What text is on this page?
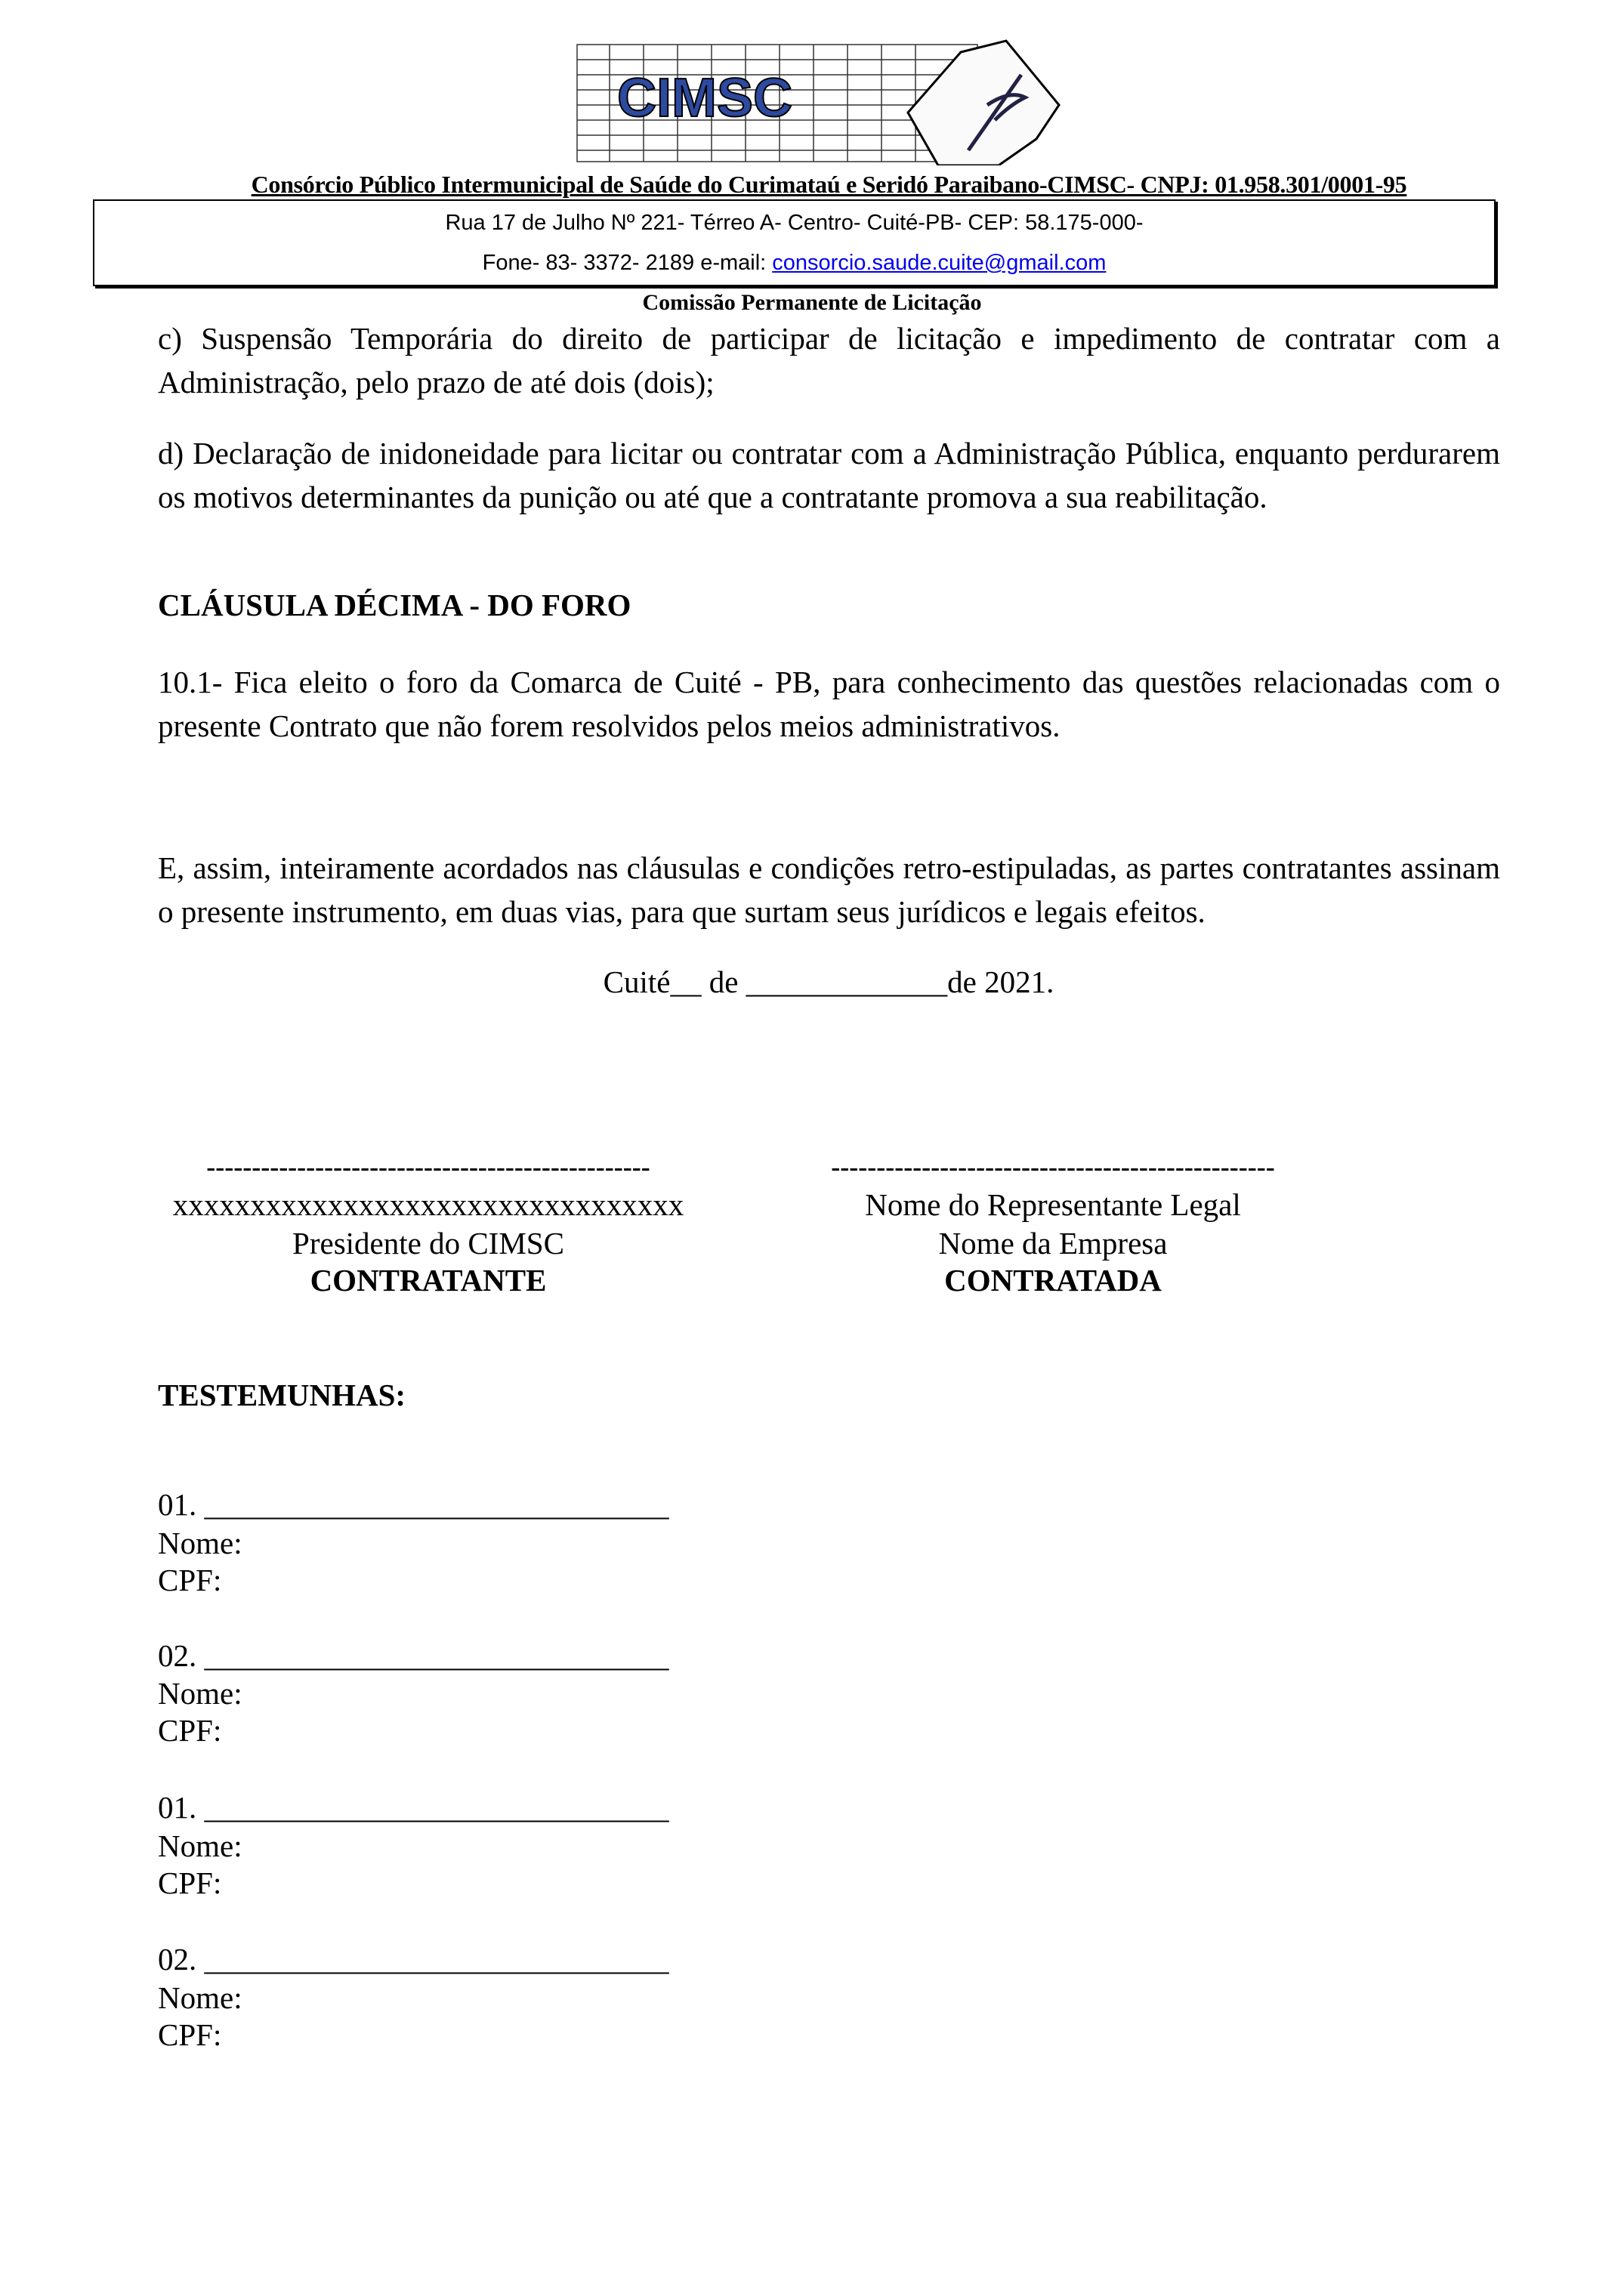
CIMSC
Consórcio Público Intermunicipal de Saúde do Curimataú e Seridó Paraibano-CIMSC- CNPJ: 01.958.301/0001-95
Rua 17 de Julho Nº 221- Térreo A- Centro- Cuité-PB- CEP: 58.175-000-
Fone- 83- 3372- 2189 e-mail: consorcio.saude.cuite@gmail.com
Comissão Permanente de Licitação
c) Suspensão Temporária do direito de participar de licitação e impedimento de contratar com a Administração, pelo prazo de até dois (dois);
d) Declaração de inidoneidade para licitar ou contratar com a Administração Pública, enquanto perdurarem os motivos determinantes da punição ou até que a contratante promova a sua reabilitação.
CLÁUSULA DÉCIMA - DO FORO
10.1- Fica eleito o foro da Comarca de Cuité - PB, para conhecimento das questões relacionadas com o presente Contrato que não forem resolvidos pelos meios administrativos.
E, assim, inteiramente acordados nas cláusulas e condições retro-estipuladas, as partes contratantes assinam o presente instrumento, em duas vias, para que surtam seus jurídicos e legais efeitos.
Cuité__ de _____________de 2021.
-------------------------------------------------	-------------------------------------------------
xxxxxxxxxxxxxxxxxxxxxxxxxxxxxxxxx
Presidente do CIMSC
CONTRATANTE
Nome do Representante Legal
Nome da Empresa
CONTRATADA
TESTEMUNHAS:
01. ______________________________
Nome:
CPF:
02. ______________________________
Nome:
CPF:
01. ______________________________
Nome:
CPF:
02. ______________________________
Nome:
CPF:
